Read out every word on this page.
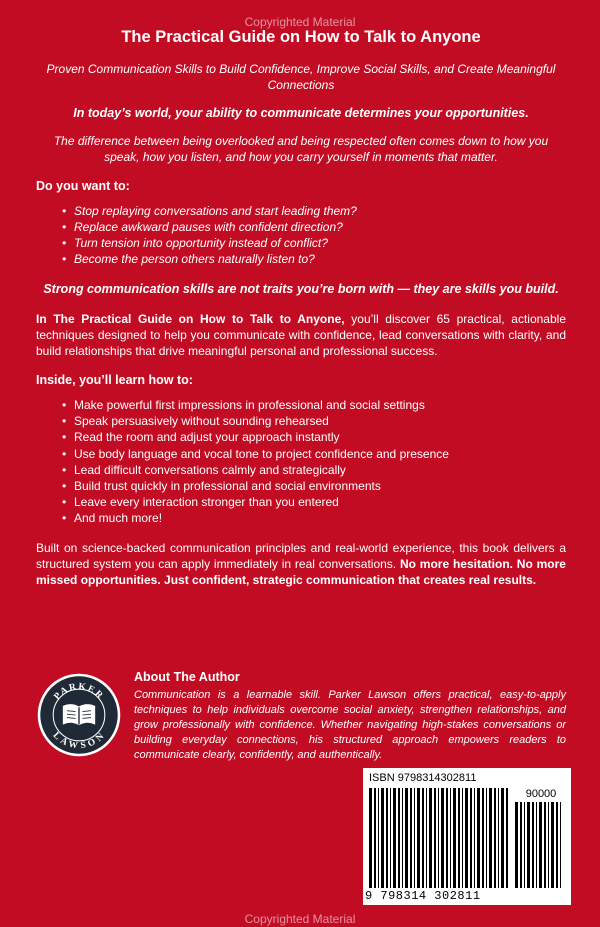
Copyrighted Material
The Practical Guide on How to Talk to Anyone

Proven Communication Skills to Build Confidence, Improve Social Skills, and Create Meaningful Connections

In today’s world, your ability to communicate determines your opportunities.

The difference between being overlooked and being respected often comes down to how you speak, how you listen, and how you carry yourself in moments that matter.

Do you want to:

• Stop replaying conversations and start leading them?
• Replace awkward pauses with confident direction?
• Turn tension into opportunity instead of conflict?
• Become the person others naturally listen to?

Strong communication skills are not traits you’re born with — they are skills you build.

In The Practical Guide on How to Talk to Anyone, you’ll discover 65 practical, actionable techniques designed to help you communicate with confidence, lead conversations with clarity, and build relationships that drive meaningful personal and professional success.

Inside, you’ll learn how to:

• Make powerful first impressions in professional and social settings
• Speak persuasively without sounding rehearsed
• Read the room and adjust your approach instantly
• Use body language and vocal tone to project confidence and presence
• Lead difficult conversations calmly and strategically
• Build trust quickly in professional and social environments
• Leave every interaction stronger than you entered
• And much more!

Built on science-backed communication principles and real-world experience, this book delivers a structured system you can apply immediately in real conversations. No more hesitation. No more missed opportunities. Just confident, strategic communication that creates real results.

PARKER
LAWSON
About The Author
Communication is a learnable skill. Parker Lawson offers practical, easy-to-apply techniques to help individuals overcome social anxiety, strengthen relationships, and grow professionally with confidence. Whether navigating high-stakes conversations or building everyday connections, his structured approach empowers readers to communicate clearly, confidently, and authentically.
ISBN 9798314302811
90000
9 798314 302811
Copyrighted Material
